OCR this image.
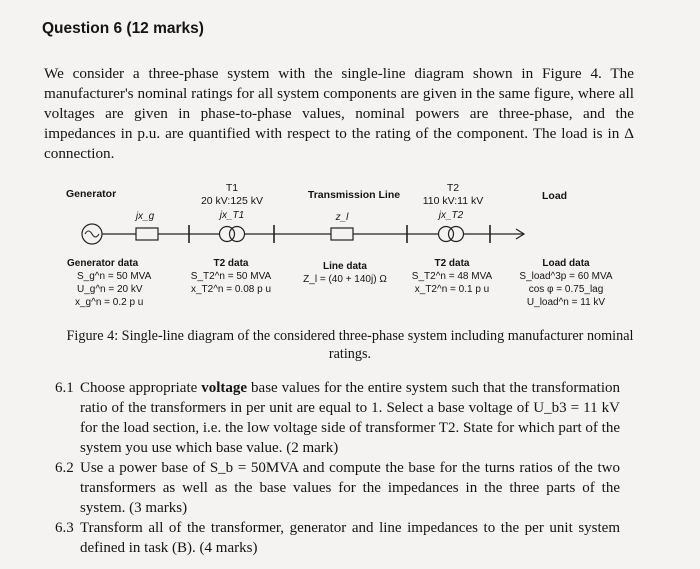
Question 6 (12 marks)
We consider a three-phase system with the single-line diagram shown in Figure 4. The manufacturer's nominal ratings for all system components are given in the same figure, where all voltages are given in phase-to-phase values, nominal powers are three-phase, and the impedances in p.u. are quantified with respect to the rating of the component. The load is in Δ connection.
Generator	T1
20 kV:125 kV	Transmission Line
T2
110 kV:11 kV	Load
jx_g	jx_T1	z_l	jx_T2
Generator data
S_g^n = 50 MVA
U_g^n = 20 kV
x_g^n = 0.2 p u
T2 data
S_T2^n = 50 MVA
x_T2^n = 0.08 p u
Line data
Z_l = (40 + 140j) Ω
T2 data
S_T2^n = 48 MVA
x_T2^n = 0.1 p u
Load data
S_load^3p = 60 MVA
cos φ = 0.75_lag
U_load^n = 11 kV
Figure 4: Single-line diagram of the considered three-phase system including manufacturer nominal ratings.
6.1 Choose appropriate voltage base values for the entire system such that the transformation ratio of the transformers in per unit are equal to 1. Select a base voltage of U_b3 = 11 kV for the load section, i.e. the low voltage side of transformer T2. State for which part of the system you use which base value. (2 mark)
6.2 Use a power base of S_b = 50MVA and compute the base for the turns ratios of the two transformers as well as the base values for the impedances in the three parts of the system. (3 marks)
6.3 Transform all of the transformer, generator and line impedances to the per unit system defined in task (B). (4 marks)
